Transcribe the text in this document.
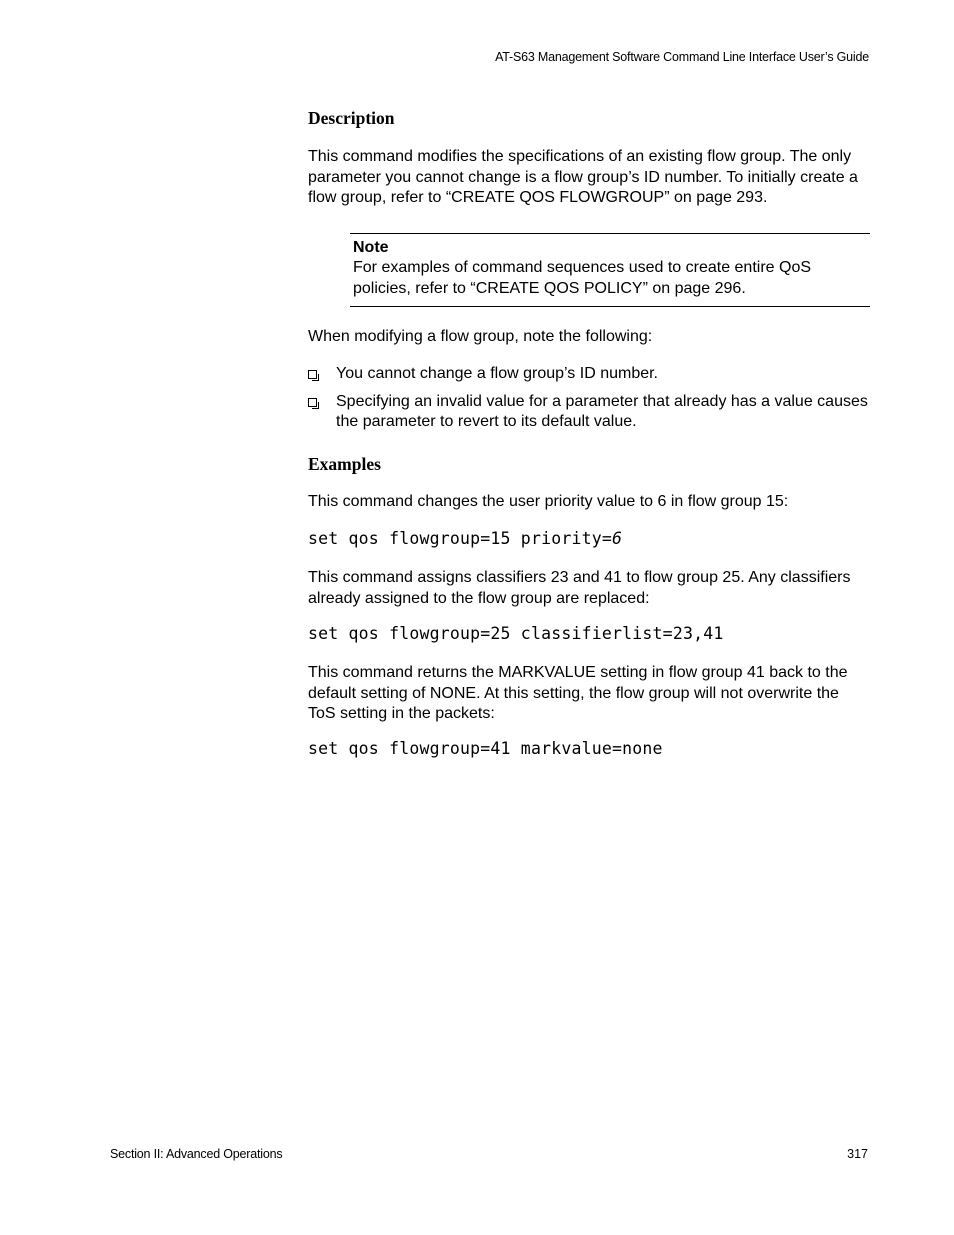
AT-S63 Management Software Command Line Interface User’s Guide
Description

This command modifies the specifications of an existing flow group. The only parameter you cannot change is a flow group’s ID number. To initially create a flow group, refer to “CREATE QOS FLOWGROUP” on page 293.

Note

For examples of command sequences used to create entire QoS policies, refer to “CREATE QOS POLICY” on page 296.

When modifying a flow group, note the following:

You cannot change a flow group’s ID number.
Specifying an invalid value for a parameter that already has a value causes the parameter to revert to its default value.
Examples

This command changes the user priority value to 6 in flow group 15:

set qos flowgroup=15 priority=6

This command assigns classifiers 23 and 41 to flow group 25. Any classifiers already assigned to the flow group are replaced:

set qos flowgroup=25 classifierlist=23,41

This command returns the MARKVALUE setting in flow group 41 back to the default setting of NONE. At this setting, the flow group will not overwrite the ToS setting in the packets:

set qos flowgroup=41 markvalue=none
Section II: Advanced Operations	317
